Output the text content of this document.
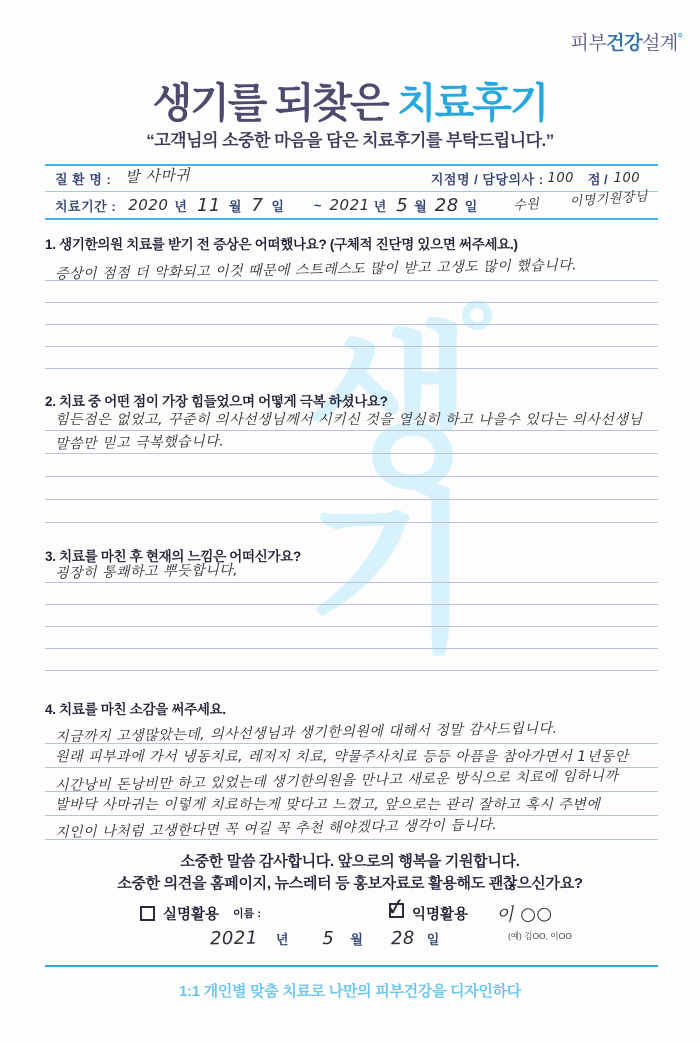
생
기
피부건강설계°
생기를 되찾은 치료후기
“고객님의 소중한 마음을 담은 치료후기를 부탁드립니다.”
질 환 명 : 발 사마귀	지점명 / 담당의사 : 100 점 / 100
치료기간 : 2020 년 11 월 7 일 ~ 2021 년 5 월 28 일	수원 이명기원장님
1. 생기한의원 치료를 받기 전 증상은 어떠했나요? (구체적 진단명 있으면 써주세요.)
증상이 점점 더 악화되고 이것 때문에 스트레스도 많이 받고 고생도 많이 했습니다.
2. 치료 중 어떤 점이 가장 힘들었으며 어떻게 극복 하셨나요?
힘든점은 없었고, 꾸준히 의사선생님께서 시키신 것을 열심히 하고 나을수 있다는 의사선생님
말씀만 믿고 극복했습니다.
3. 치료를 마친 후 현재의 느낌은 어떠신가요?
굉장히 통쾌하고 뿌듯합니다,
4. 치료를 마친 소감을 써주세요.
지금까지 고생많았는데, 의사선생님과 생기한의원에 대해서 정말 감사드립니다.
원래 피부과에 가서 냉동치료, 레저지 치료, 약물주사치료 등등 아픔을 참아가면서 1년동안
시간낭비 돈낭비만 하고 있었는데 생기한의원을 만나고 새로운 방식으로 치료에 임하니까
발바닥 사마귀는 이렇게 치료하는게 맞다고 느꼈고, 앞으로는 관리 잘하고 혹시 주변에
지인이 나처럼 고생한다면 꼭 여길 꼭 추천 해야겠다고 생각이 듭니다.
소중한 말씀 감사합니다. 앞으로의 행복을 기원합니다.
소중한 의견을 홈페이지, 뉴스레터 등 홍보자료로 활용해도 괜찮으신가요?
실명활용 이름 :	✓ 익명활용 이 ○○
(예) 김OO, 이OO
2021 년 5 월 28 일
1:1 개인별 맞춤 치료로 나만의 피부건강을 디자인하다
